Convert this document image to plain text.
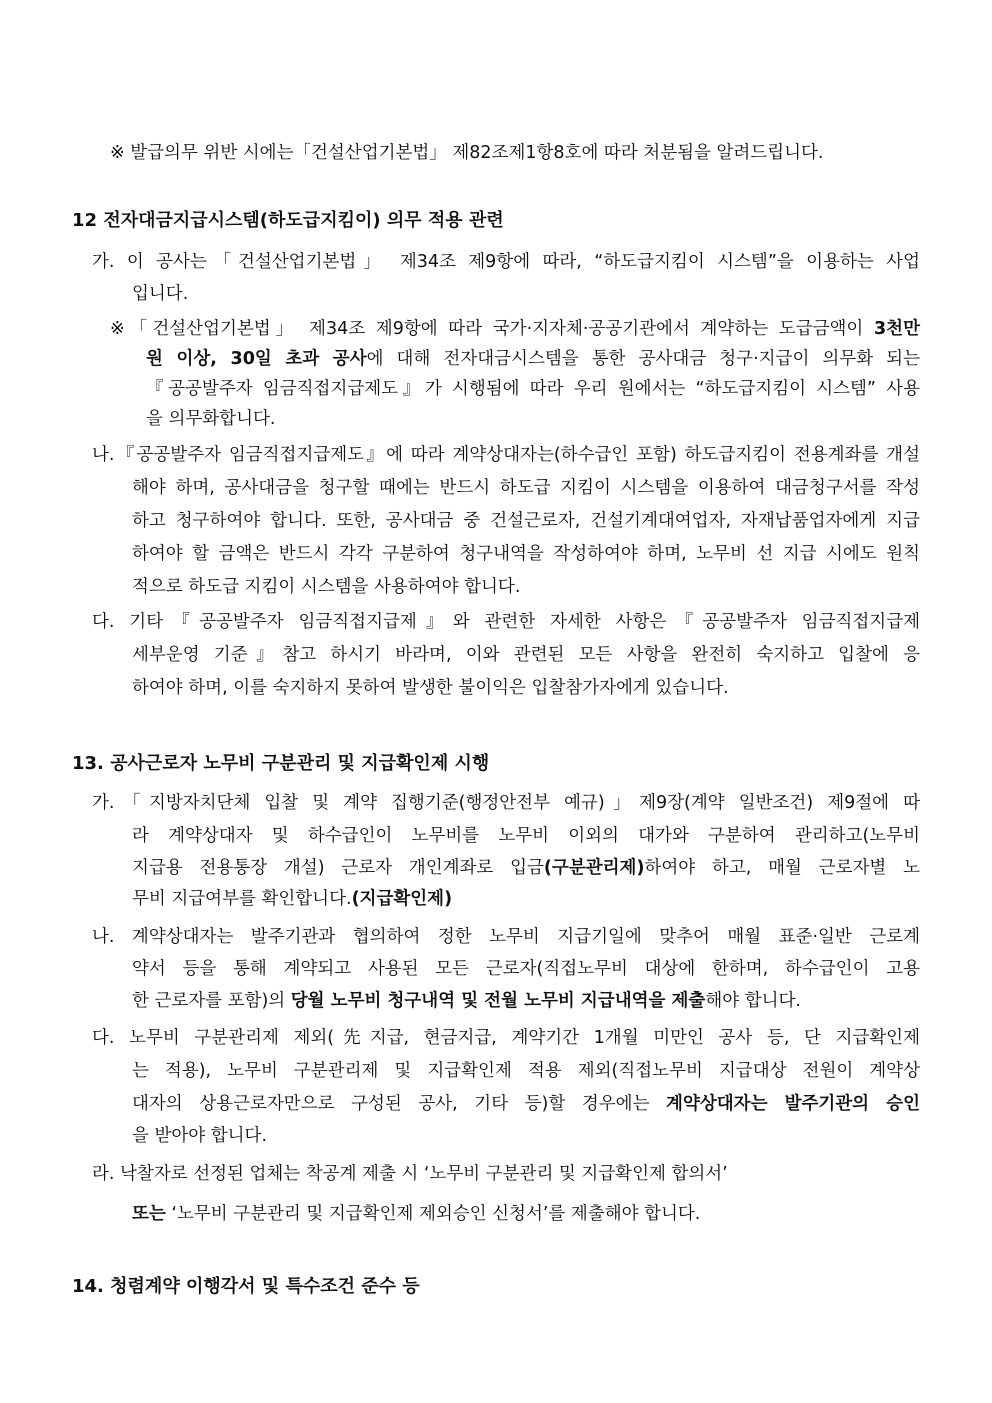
※ 발급의무 위반 시에는「건설산업기본법」 제82조제1항8호에 따라 처분됨을 알려드립니다.
12 전자대금지급시스템(하도급지킴이) 의무 적용 관련
가. 이 공사는「건설산업기본법」 제34조 제9항에 따라, “하도급지킴이 시스템”을 이용하는 사업
입니다.
※「건설산업기본법」 제34조 제9항에 따라 국가·지자체·공공기관에서 계약하는 도급금액이 3천만
원 이상, 30일 초과 공사에 대해 전자대금시스템을 통한 공사대금 청구·지급이 의무화 되는
『공공발주자 임금직접지급제도』가 시행됨에 따라 우리 원에서는 “하도급지킴이 시스템” 사용
을 의무화합니다.
나.『공공발주자 임금직접지급제도』에 따라 계약상대자는(하수급인 포함) 하도급지킴이 전용계좌를 개설
해야 하며, 공사대금을 청구할 때에는 반드시 하도급 지킴이 시스템을 이용하여 대금청구서를 작성
하고 청구하여야 합니다. 또한, 공사대금 중 건설근로자, 건설기계대여업자, 자재납품업자에게 지급
하여야 할 금액은 반드시 각각 구분하여 청구내역을 작성하여야 하며, 노무비 선 지급 시에도 원칙
적으로 하도급 지킴이 시스템을 사용하여야 합니다.
다. 기타『공공발주자 임금직접지급제』와 관련한 자세한 사항은『공공발주자 임금직접지급제
세부운영 기준』참고 하시기 바라며, 이와 관련된 모든 사항을 완전히 숙지하고 입찰에 응
하여야 하며, 이를 숙지하지 못하여 발생한 불이익은 입찰참가자에게 있습니다.
13. 공사근로자 노무비 구분관리 및 지급확인제 시행
가.「지방자치단체 입찰 및 계약 집행기준(행정안전부 예규)」제9장(계약 일반조건) 제9절에 따
라 계약상대자 및 하수급인이 노무비를 노무비 이외의 대가와 구분하여 관리하고(노무비
지급용 전용통장 개설) 근로자 개인계좌로 입금(구분관리제)하여야 하고, 매월 근로자별 노
무비 지급여부를 확인합니다.(지급확인제)
나. 계약상대자는 발주기관과 협의하여 정한 노무비 지급기일에 맞추어 매월 표준·일반 근로계
약서 등을 통해 계약되고 사용된 모든 근로자(직접노무비 대상에 한하며, 하수급인이 고용
한 근로자를 포함)의 당월 노무비 청구내역 및 전월 노무비 지급내역을 제출해야 합니다.
다. 노무비 구분관리제 제외(先지급, 현금지급, 계약기간 1개월 미만인 공사 등, 단 지급확인제
는 적용), 노무비 구분관리제 및 지급확인제 적용 제외(직접노무비 지급대상 전원이 계약상
대자의 상용근로자만으로 구성된 공사, 기타 등)할 경우에는 계약상대자는 발주기관의 승인
을 받아야 합니다.
라. 낙찰자로 선정된 업체는 착공계 제출 시 ‘노무비 구분관리 및 지급확인제 합의서’
또는 ‘노무비 구분관리 및 지급확인제 제외승인 신청서’를 제출해야 합니다.
14. 청렴계약 이행각서 및 특수조건 준수 등
